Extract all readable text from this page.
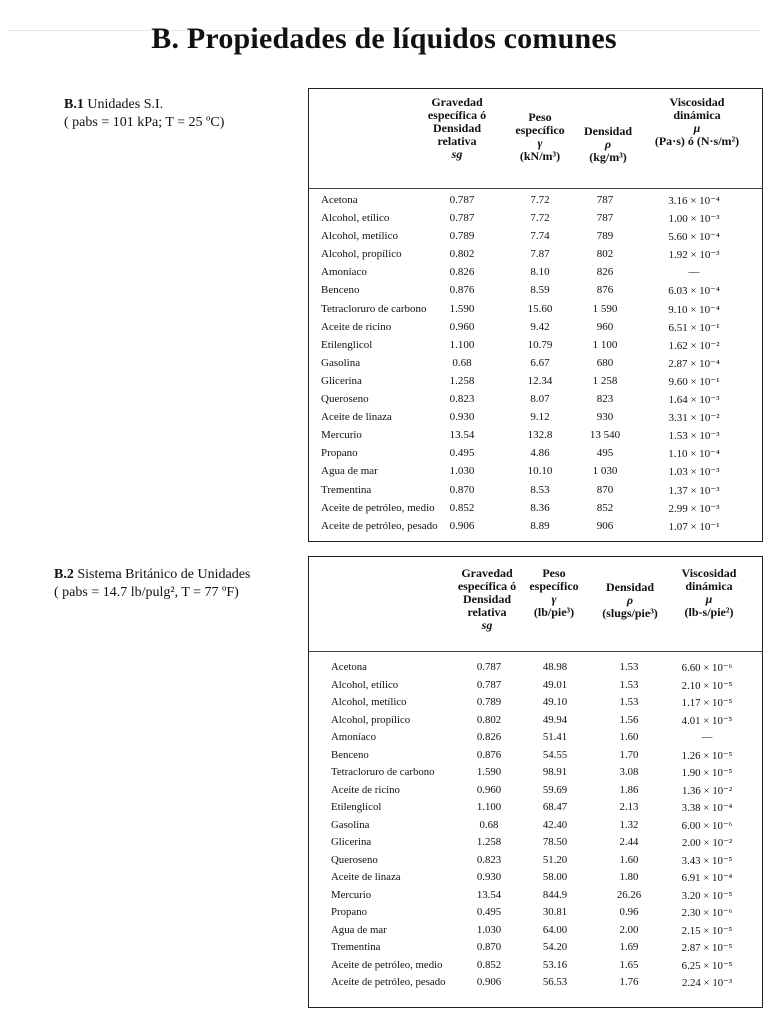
B. Propiedades de líquidos comunes
B.1 Unidades S.I.
( pabs = 101 kPa; T = 25 ºC)
Gravedad
específica ó
Densidad
relativa
sg
Peso
específico
γ
(kN/m³)
Densidad
ρ
(kg/m³)
Viscosidad
dinámica
μ
(Pa·s) ó (N·s/m²)
Acetona	0.787	7.72	787	3.16 × 10⁻⁴
Alcohol, etílico	0.787	7.72	787	1.00 × 10⁻³
Alcohol, metílico	0.789	7.74	789	5.60 × 10⁻⁴
Alcohol, propílico	0.802	7.87	802	1.92 × 10⁻³
Amoníaco	0.826	8.10	826	—
Benceno	0.876	8.59	876	6.03 × 10⁻⁴
Tetracloruro de carbono	1.590	15.60	1 590	9.10 × 10⁻⁴
Aceite de ricino	0.960	9.42	960	6.51 × 10⁻¹
Etilenglicol	1.100	10.79	1 100	1.62 × 10⁻²
Gasolina	0.68	6.67	680	2.87 × 10⁻⁴
Glicerina	1.258	12.34	1 258	9.60 × 10⁻¹
Queroseno	0.823	8.07	823	1.64 × 10⁻³
Aceite de linaza	0.930	9.12	930	3.31 × 10⁻²
Mercurio	13.54	132.8	13 540	1.53 × 10⁻³
Propano	0.495	4.86	495	1.10 × 10⁻⁴
Agua de mar	1.030	10.10	1 030	1.03 × 10⁻³
Trementina	0.870	8.53	870	1.37 × 10⁻³
Aceite de petróleo, medio	0.852	8.36	852	2.99 × 10⁻³
Aceite de petróleo, pesado	0.906	8.89	906	1.07 × 10⁻¹
B.2 Sistema Británico de Unidades
( pabs = 14.7 lb/pulg², T = 77 ºF)
Gravedad
específica ó
Densidad
relativa
sg
Peso
específico
γ
(lb/pie³)
Densidad
ρ
(slugs/pie³)
Viscosidad
dinámica
μ
(lb-s/pie²)
Acetona	0.787	48.98	1.53	6.60 × 10⁻⁶
Alcohol, etílico	0.787	49.01	1.53	2.10 × 10⁻⁵
Alcohol, metílico	0.789	49.10	1.53	1.17 × 10⁻⁵
Alcohol, propílico	0.802	49.94	1.56	4.01 × 10⁻⁵
Amoníaco	0.826	51.41	1.60	—
Benceno	0.876	54.55	1.70	1.26 × 10⁻⁵
Tetracloruro de carbono	1.590	98.91	3.08	1.90 × 10⁻⁵
Aceite de ricino	0.960	59.69	1.86	1.36 × 10⁻²
Etilenglicol	1.100	68.47	2.13	3.38 × 10⁻⁴
Gasolina	0.68	42.40	1.32	6.00 × 10⁻⁶
Glicerina	1.258	78.50	2.44	2.00 × 10⁻²
Queroseno	0.823	51.20	1.60	3.43 × 10⁻⁵
Aceite de linaza	0.930	58.00	1.80	6.91 × 10⁻⁴
Mercurio	13.54	844.9	26.26	3.20 × 10⁻⁵
Propano	0.495	30.81	0.96	2.30 × 10⁻⁶
Agua de mar	1.030	64.00	2.00	2.15 × 10⁻⁵
Trementina	0.870	54.20	1.69	2.87 × 10⁻⁵
Aceite de petróleo, medio	0.852	53.16	1.65	6.25 × 10⁻⁵
Aceite de petróleo, pesado	0.906	56.53	1.76	2.24 × 10⁻³
